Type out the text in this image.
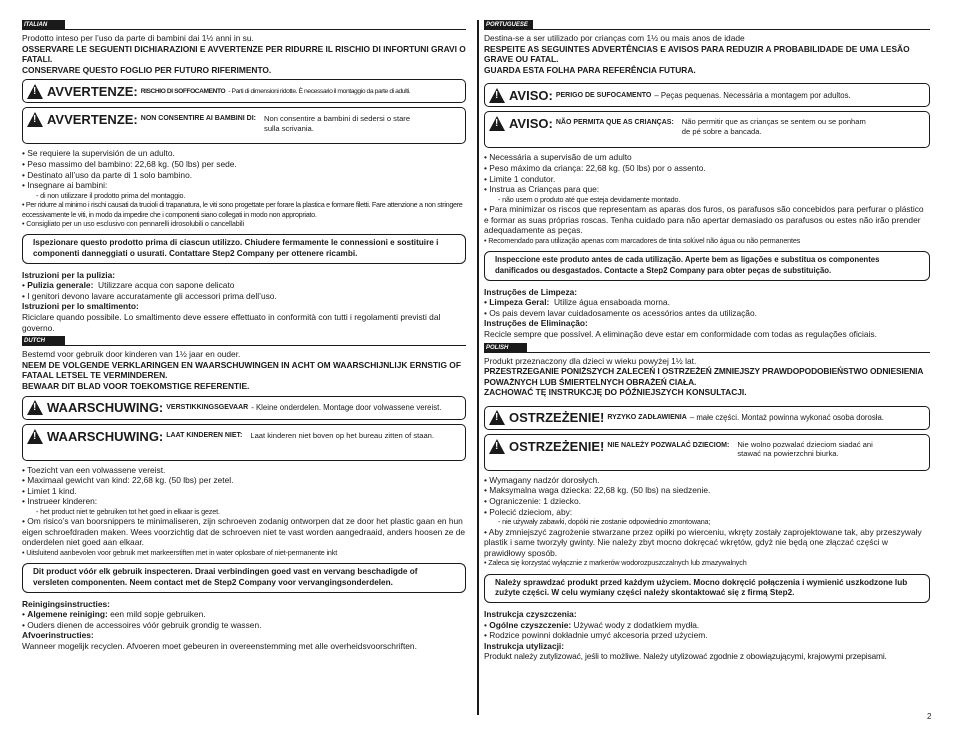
ITALIAN
Prodotto inteso per l’uso da parte di bambini dai 1½ anni in su.
OSSERVARE LE SEGUENTI DICHIARAZIONI E AVVERTENZE PER RIDURRE IL RISCHIO DI INFORTUNI GRAVI O FATALI.
CONSERVARE QUESTO FOGLIO PER FUTURO RIFERIMENTO.
!
AVVERTENZE: RISCHIO DI SOFFOCAMENTO - Parti di dimensioni ridotte. È necessario il montaggio da parte di adulti.
!
AVVERTENZE: NON CONSENTIRE AI BAMBINI DI: Non consentire a bambini di sedersi o stare
sulla scrivania.
• Se requiere la supervisión de un adulto.
• Peso massimo del bambino: 22,68 kg. (50 lbs) per sede.
• Destinato all’uso da parte di 1 solo bambino.
• Insegnare ai bambini:
- di non utilizzare il prodotto prima del montaggio.
• Per ridurre al minimo i rischi causati da trucioli di trapanatura, le viti sono progettate per forare la plastica e formare filetti. Fare attenzione a non stringere eccessivamente le viti, in modo da impedire che i componenti siano collegati in modo non appropriato.
• Consigliato per un uso esclusivo con pennarelli idrosolubili o cancellabili
Ispezionare questo prodotto prima di ciascun utilizzo. Chiudere fermamente le connessioni e sostituire i componenti danneggiati o usurati. Contattare Step2 Company per ottenere ricambi.
Istruzioni per la pulizia:
• Pulizia generale: Utilizzare acqua con sapone delicato
• I genitori devono lavare accuratamente gli accessori prima dell’uso.
Istruzioni per lo smaltimento:
Riciclare quando possibile. Lo smaltimento deve essere effettuato in conformità con tutti i regolamenti previsti dal governo.
DUTCH
Bestemd voor gebruik door kinderen van 1½ jaar en ouder.
NEEM DE VOLGENDE VERKLARINGEN EN WAARSCHUWINGEN IN ACHT OM WAARSCHIJNLIJK ERNSTIG OF FATAAL LETSEL TE VERMINDEREN.
BEWAAR DIT BLAD VOOR TOEKOMSTIGE REFERENTIE.
!
WAARSCHUWING: VERSTIKKINGSGEVAAR - Kleine onderdelen. Montage door volwassene vereist.
!
WAARSCHUWING: LAAT KINDEREN NIET: Laat kinderen niet boven op het bureau zitten of staan.
• Toezicht van een volwassene vereist.
• Maximaal gewicht van kind: 22,68 kg. (50 lbs) per zetel.
• Limiet 1 kind.
• Instrueer kinderen:
- het product niet te gebruiken tot het goed in elkaar is gezet.
• Om risico’s van boorsnippers te minimaliseren, zijn schroeven zodanig ontworpen dat ze door het plastic gaan en hun eigen schroefdraden maken. Wees voorzichtig dat de schroeven niet te vast worden aangedraaid, anders hoosen ze de onderdelen niet goed aan elkaar.
• Uitsluitend aanbevolen voor gebruik met markeerstiften met in water oplosbare of niet-permanente inkt
Dit product vóór elk gebruik inspecteren. Draai verbindingen goed vast en vervang beschadigde of versleten componenten. Neem contact met de Step2 Company voor vervangingsonderdelen.
Reinigingsinstructies:
• Algemene reiniging: een mild sopje gebruiken.
• Ouders dienen de accessoires vóór gebruik grondig te wassen.
Afvoerinstructies:
Wanneer mogelijk recyclen. Afvoeren moet gebeuren in overeenstemming met alle overheidsvoorschriften.
PORTUGUESE
Destina-se a ser utilizado por crianças com 1½ ou mais anos de idade
RESPEITE AS SEGUINTES ADVERTÊNCIAS E AVISOS PARA REDUZIR A PROBABILIDADE DE UMA LESÃO GRAVE OU FATAL.
GUARDA ESTA FOLHA PARA REFERÊNCIA FUTURA.
!
AVISO: PERIGO DE SUFOCAMENTO – Peças pequenas. Necessária a montagem por adultos.
!
AVISO: NÃO PERMITA QUE AS CRIANÇAS: Não permitir que as crianças se sentem ou se ponham
de pé sobre a bancada.
• Necessária a supervisão de um adulto
• Peso máximo da criança: 22,68 kg. (50 lbs) por o assento.
• Limite 1 condutor.
• Instrua as Crianças para que:
- não usem o produto até que esteja devidamente montado.
• Para minimizar os riscos que representam as aparas dos furos, os parafusos são concebidos para perfurar o plástico e formar as suas próprias roscas. Tenha cuidado para não apertar demasiado os parafusos ou estes não irão prender adequadamente as peças.
• Recomendado para utilização apenas com marcadores de tinta solúvel não água ou não permanentes
Inspeccione este produto antes de cada utilização. Aperte bem as ligações e substitua os componentes danificados ou desgastados. Contacte a Step2 Company para obter peças de substituição.
Instruções de Limpeza:
• Limpeza Geral: Utilize água ensaboada morna.
• Os pais devem lavar cuidadosamente os acessórios antes da utilização.
Instruções de Eliminação:
Recicle sempre que possível. A eliminação deve estar em conformidade com todas as regulações oficiais.
POLISH
Produkt przeznaczony dla dzieci w wieku powyżej 1½ lat.
PRZESTRZEGANIE PONIŻSZYCH ZALECEŃ I OSTRZEŻEŃ ZMNIEJSZY PRAWDOPODOBIEŃSTWO ODNIESIENIA POWAŻNYCH LUB ŚMIERTELNYCH OBRAŻEŃ CIAŁA.
ZACHOWAĆ TĘ INSTRUKCJĘ DO PÓŹNIEJSZYCH KONSULTACJI.
!
OSTRZEŻENIE! RYZYKO ZADŁAWIENIA – małe części. Montaż powinna wykonać osoba dorosła.
!
OSTRZEŻENIE! NIE NALEŻY POZWALAĆ DZIECIOM: Nie wolno pozwalać dzieciom siadać ani
stawać na powierzchni biurka.
• Wymagany nadzór dorosłych.
• Maksymalna waga dziecka: 22,68 kg. (50 lbs) na siedzenie.
• Ograniczenie: 1 dziecko.
• Polecić dzieciom, aby:
- nie używały zabawki, dopóki nie zostanie odpowiednio zmontowana;
• Aby zmniejszyć zagrożenie stwarzane przez opiłki po wierceniu, wkręty zostały zaprojektowane tak, aby przeszywały plastik i same tworzyły gwinty. Nie należy zbyt mocno dokręcać wkrętów, gdyż nie będą one złączać części w prawidłowy sposób.
• Zaleca się korzystać wyłącznie z markerów wodorozpuszczalnych lub zmazywalnych
Należy sprawdzać produkt przed każdym użyciem. Mocno dokręcić połączenia i wymienić uszkodzone lub zużyte części. W celu wymiany części należy skontaktować się z firmą Step2.
Instrukcja czyszczenia:
• Ogólne czyszczenie: Używać wody z dodatkiem mydła.
• Rodzice powinni dokładnie umyć akcesoria przed użyciem.
Instrukcja utylizacji:
Produkt należy zutylizować, jeśli to możliwe. Należy utylizować zgodnie z obowiązującymi, krajowymi przepisami.
2
